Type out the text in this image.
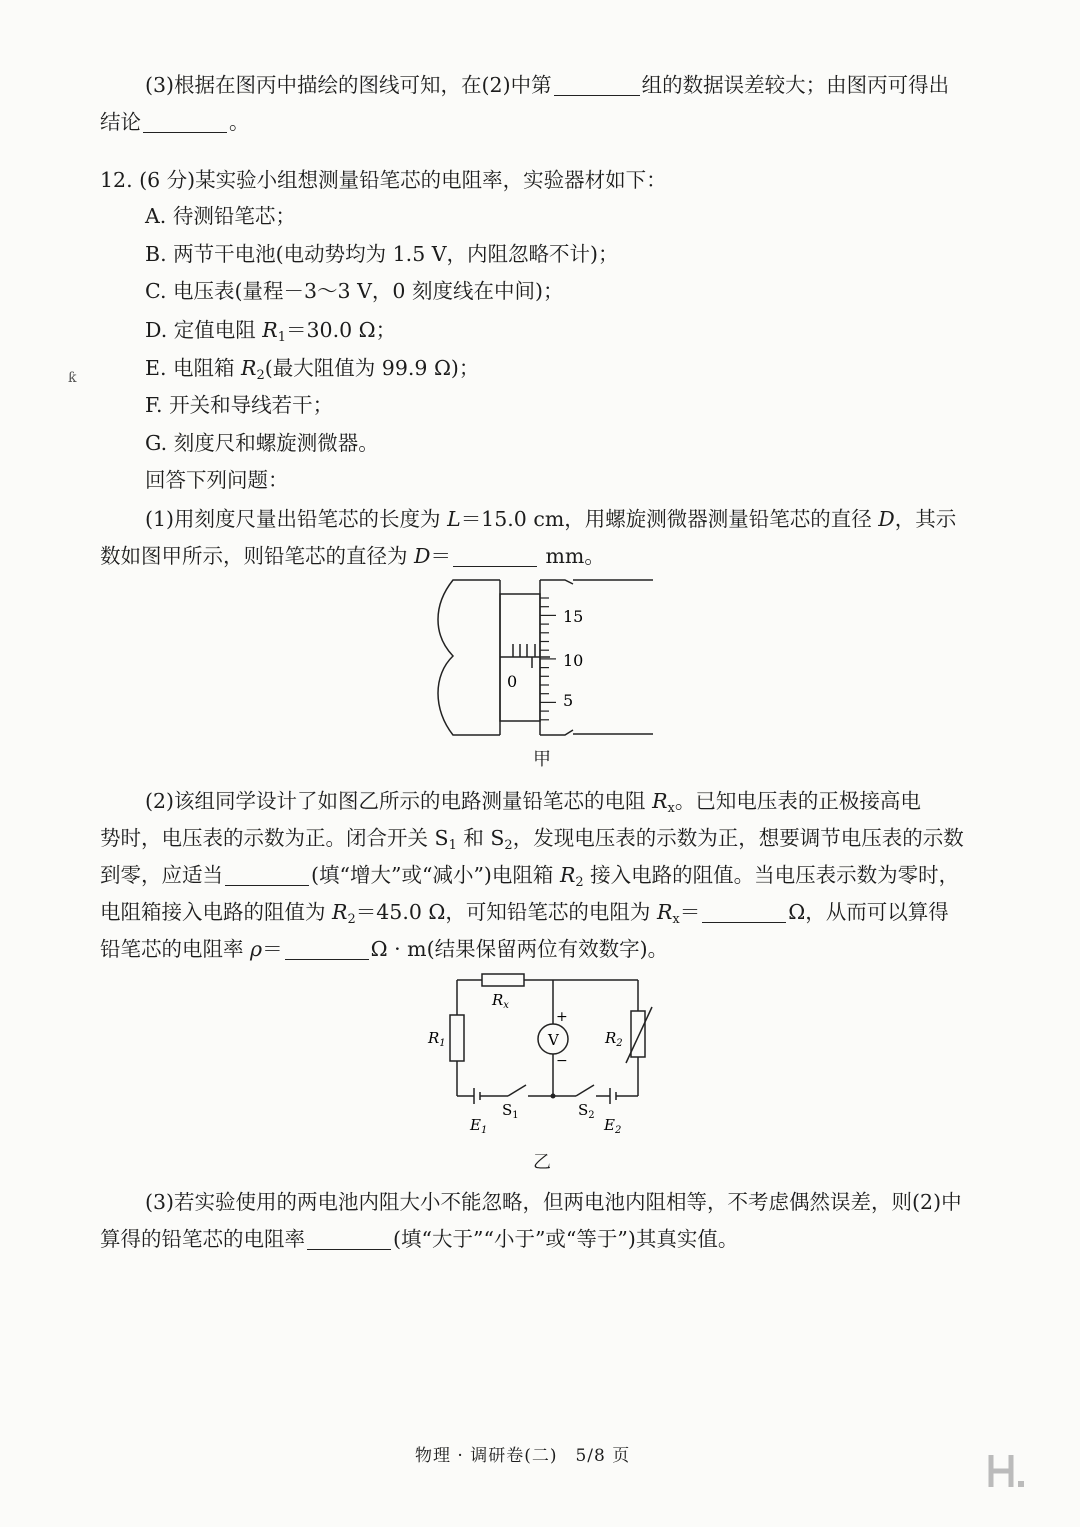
(3)根据在图丙中描绘的图线可知，在(2)中第	组的数据误差较大；由图丙可得出
结论	。
12. (6 分)某实验小组想测量铅笔芯的电阻率，实验器材如下：
A. 待测铅笔芯；
B. 两节干电池(电动势均为 1.5 V，内阻忽略不计)；
C. 电压表(量程－3～3 V，0 刻度线在中间)；
D. 定值电阻 $R_1=30.0$ Ω；
E. 电阻箱 $R_2$(最大阻值为 99.9 Ω)；
F. 开关和导线若干；
G. 刻度尺和螺旋测微器。
ƙ
回答下列问题：
(1)用刻度尺量出铅笔芯的长度为 L＝15.0 cm，用螺旋测微器测量铅笔芯的直径 D，其示
数如图甲所示，则铅笔芯的直径为 D＝	mm。
15
10
5
0
甲
(2)该组同学设计了如图乙所示的电路测量铅笔芯的电阻 $R_x$。已知电压表的正极接高电
势时，电压表的示数为正。闭合开关 $S_1$ 和 $S_2$，发现电压表的示数为正，想要调节电压表的示数
到零，应适当	(填“增大”或“减小”)电阻箱 $R_2$ 接入电路的阻值。当电压表示数为零时，
电阻箱接入电路的阻值为 $R_2=45.0$ Ω，可知铅笔芯的电阻为 $R_x=$	Ω，从而可以算得
铅笔芯的电阻率 ρ＝	Ω · m(结果保留两位有效数字)。
$R_x$
$R_1$	$R_2$
V
+
−
$S_1$	$S_2$
$E_1$	$E_2$
乙
(3)若实验使用的两电池内阻大小不能忽略，但两电池内阻相等，不考虑偶然误差，则(2)中
算得的铅笔芯的电阻率	(填“大于”“小于”或“等于”)其真实值。
物理 · 调研卷(二)　5/8 页
